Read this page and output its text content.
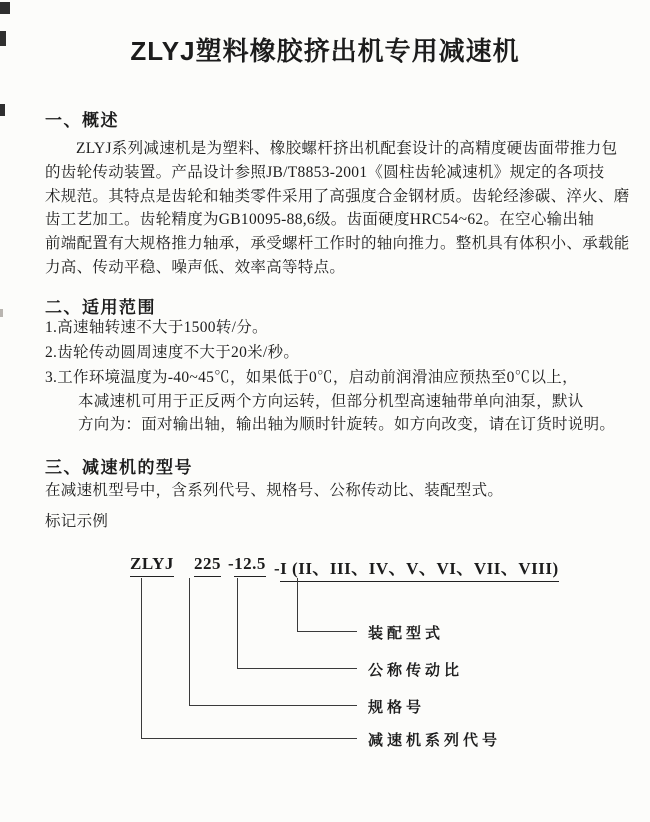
ZLYJ塑料橡胶挤出机专用减速机
一、概述
ZLYJ系列减速机是为塑料、橡胶螺杆挤出机配套设计的高精度硬齿面带推力包
的齿轮传动装置。产品设计参照JB/T8853-2001《圆柱齿轮减速机》规定的各项技
术规范。其特点是齿轮和轴类零件采用了高强度合金钢材质。齿轮经渗碳、淬火、磨
齿工艺加工。齿轮精度为GB10095-88,6级。齿面硬度HRC54~62。在空心输出轴
前端配置有大规格推力轴承，承受螺杆工作时的轴向推力。整机具有体积小、承载能
力高、传动平稳、噪声低、效率高等特点。
二、适用范围
1.高速轴转速不大于1500转/分。
2.齿轮传动圆周速度不大于20米/秒。
3.工作环境温度为-40~45℃，如果低于0℃，启动前润滑油应预热至0℃以上，
本减速机可用于正反两个方向运转，但部分机型高速轴带单向油泵，默认
方向为：面对输出轴，输出轴为顺时针旋转。如方向改变，请在订货时说明。
三、减速机的型号
在减速机型号中，含系列代号、规格号、公称传动比、装配型式。
标记示例
ZLYJ 225 -12.5 -I (II、III、IV、V、VI、VII、VIII)
装配型式
公称传动比
规格号
减速机系列代号
